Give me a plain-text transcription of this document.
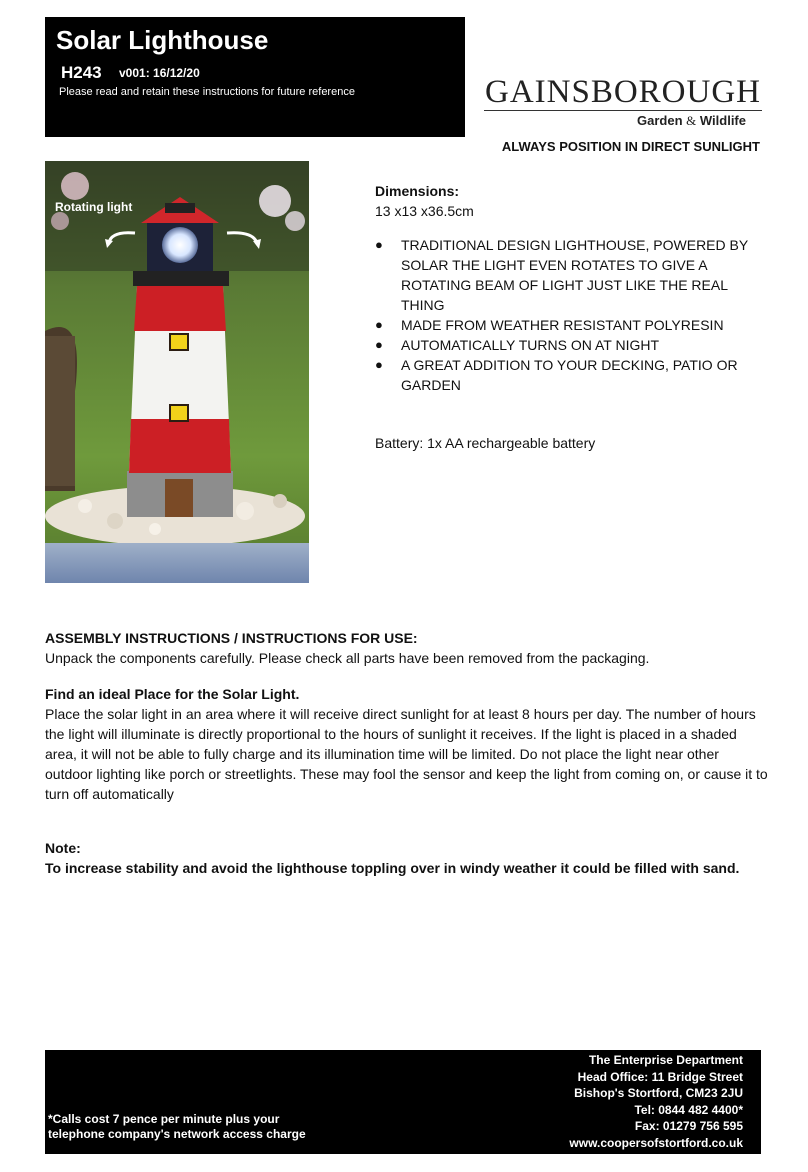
Solar Lighthouse
H243 v001: 16/12/20
Please read and retain these instructions for future reference	GAINSBOROUGH
Garden & Wildlife
ALWAYS POSITION IN DIRECT SUNLIGHT
Rotating light
Dimensions:
13 x13 x36.5cm
● TRADITIONAL DESIGN LIGHTHOUSE, POWERED BY SOLAR THE LIGHT EVEN ROTATES TO GIVE A ROTATING BEAM OF LIGHT JUST LIKE THE REAL THING
● MADE FROM WEATHER RESISTANT POLYRESIN
● AUTOMATICALLY TURNS ON AT NIGHT
● A GREAT ADDITION TO YOUR DECKING, PATIO OR GARDEN
Battery: 1x AA rechargeable battery

ASSEMBLY INSTRUCTIONS / INSTRUCTIONS FOR USE:

Unpack the components carefully. Please check all parts have been removed from the packaging.

Find an ideal Place for the Solar Light.

Place the solar light in an area where it will receive direct sunlight for at least 8 hours per day. The number of hours the light will illuminate is directly proportional to the hours of sunlight it receives. If the light is placed in a shaded area, it will not be able to fully charge and its illumination time will be limited. Do not place the light near other outdoor lighting like porch or streetlights. These may fool the sensor and keep the light from coming on, or cause it to turn off automatically

Note:

To increase stability and avoid the lighthouse toppling over in windy weather it could be filled with sand.

The Enterprise Department
Head Office: 11 Bridge Street
Bishop's Stortford, CM23 2JU
Tel: 0844 482 4400*
Fax: 01279 756 595
www.coopersofstortford.co.uk
*Calls cost 7 pence per minute plus your
telephone company's network access charge
